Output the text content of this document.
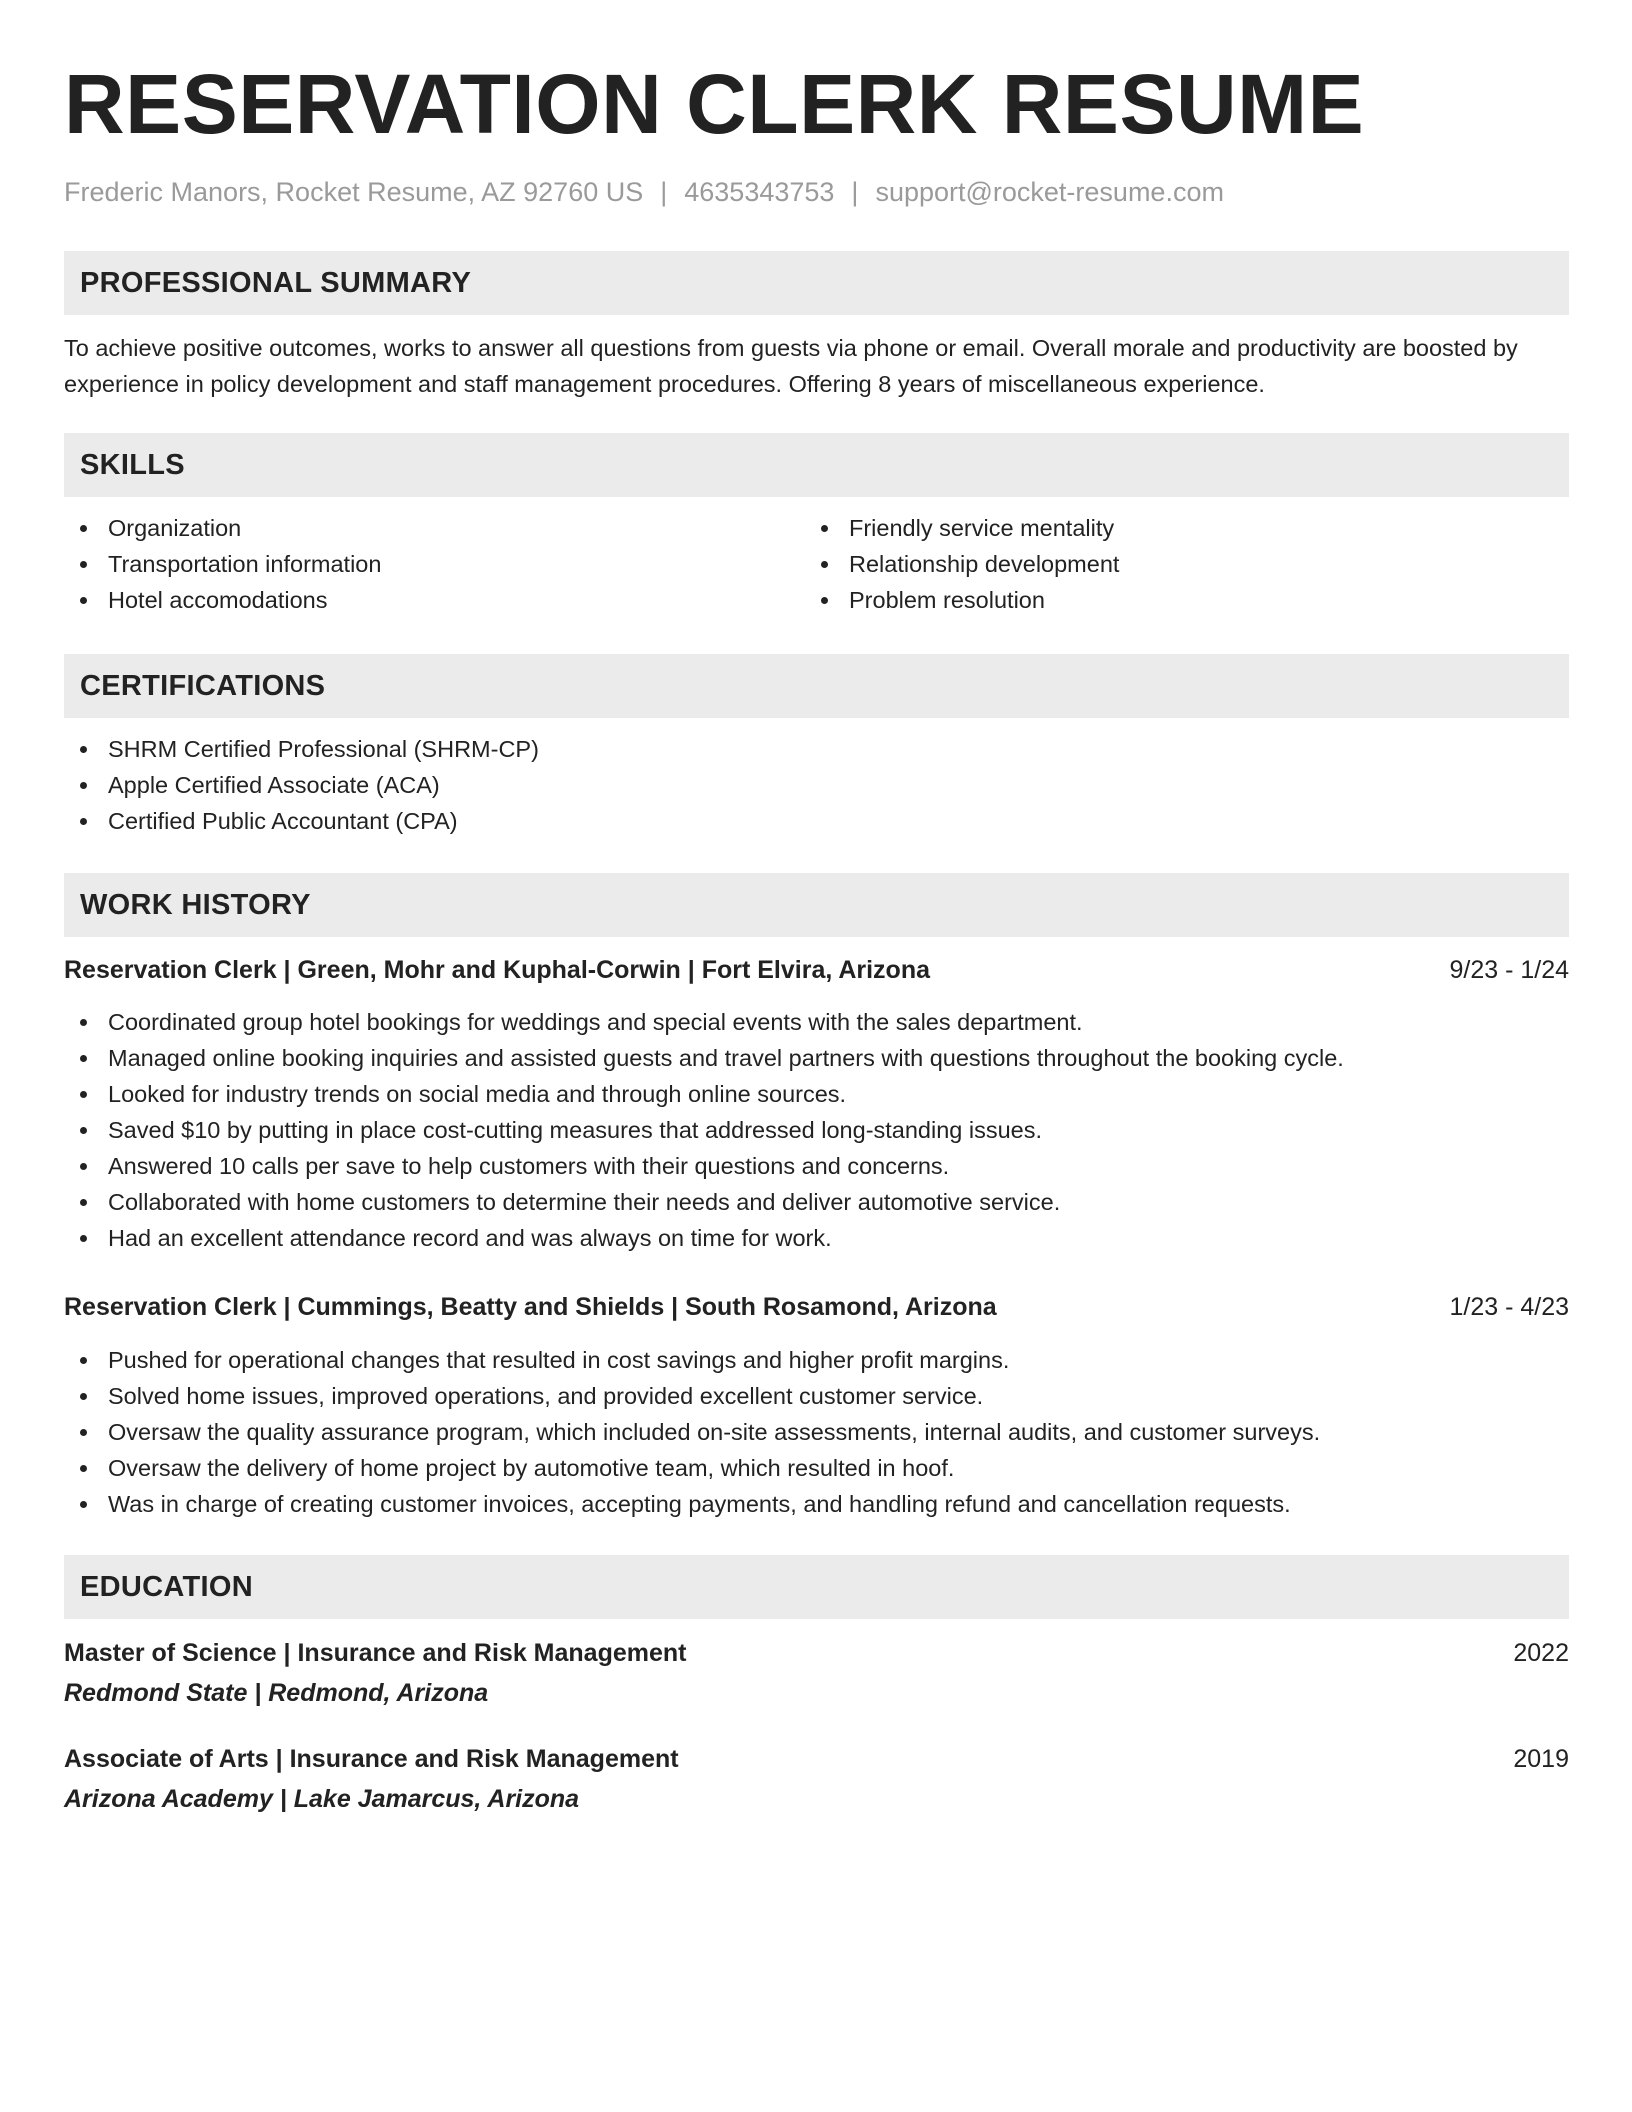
RESERVATION CLERK RESUME
Frederic Manors, Rocket Resume, AZ 92760 US | 4635343753 | support@rocket-resume.com
PROFESSIONAL SUMMARY

To achieve positive outcomes, works to answer all questions from guests via phone or email. Overall morale and productivity are boosted by experience in policy development and staff management procedures. Offering 8 years of miscellaneous experience.

SKILLS
Organization
Transportation information
Hotel accomodations
Friendly service mentality
Relationship development
Problem resolution
CERTIFICATIONS
SHRM Certified Professional (SHRM-CP)
Apple Certified Associate (ACA)
Certified Public Accountant (CPA)
WORK HISTORY
Reservation Clerk | Green, Mohr and Kuphal-Corwin | Fort Elvira, Arizona	9/23 - 1/24
Coordinated group hotel bookings for weddings and special events with the sales department.
Managed online booking inquiries and assisted guests and travel partners with questions throughout the booking cycle.
Looked for industry trends on social media and through online sources.
Saved $10 by putting in place cost-cutting measures that addressed long-standing issues.
Answered 10 calls per save to help customers with their questions and concerns.
Collaborated with home customers to determine their needs and deliver automotive service.
Had an excellent attendance record and was always on time for work.
Reservation Clerk | Cummings, Beatty and Shields | South Rosamond, Arizona	1/23 - 4/23
Pushed for operational changes that resulted in cost savings and higher profit margins.
Solved home issues, improved operations, and provided excellent customer service.
Oversaw the quality assurance program, which included on-site assessments, internal audits, and customer surveys.
Oversaw the delivery of home project by automotive team, which resulted in hoof.
Was in charge of creating customer invoices, accepting payments, and handling refund and cancellation requests.
EDUCATION
Master of Science | Insurance and Risk Management	2022
Redmond State | Redmond, Arizona
Associate of Arts | Insurance and Risk Management	2019
Arizona Academy | Lake Jamarcus, Arizona
